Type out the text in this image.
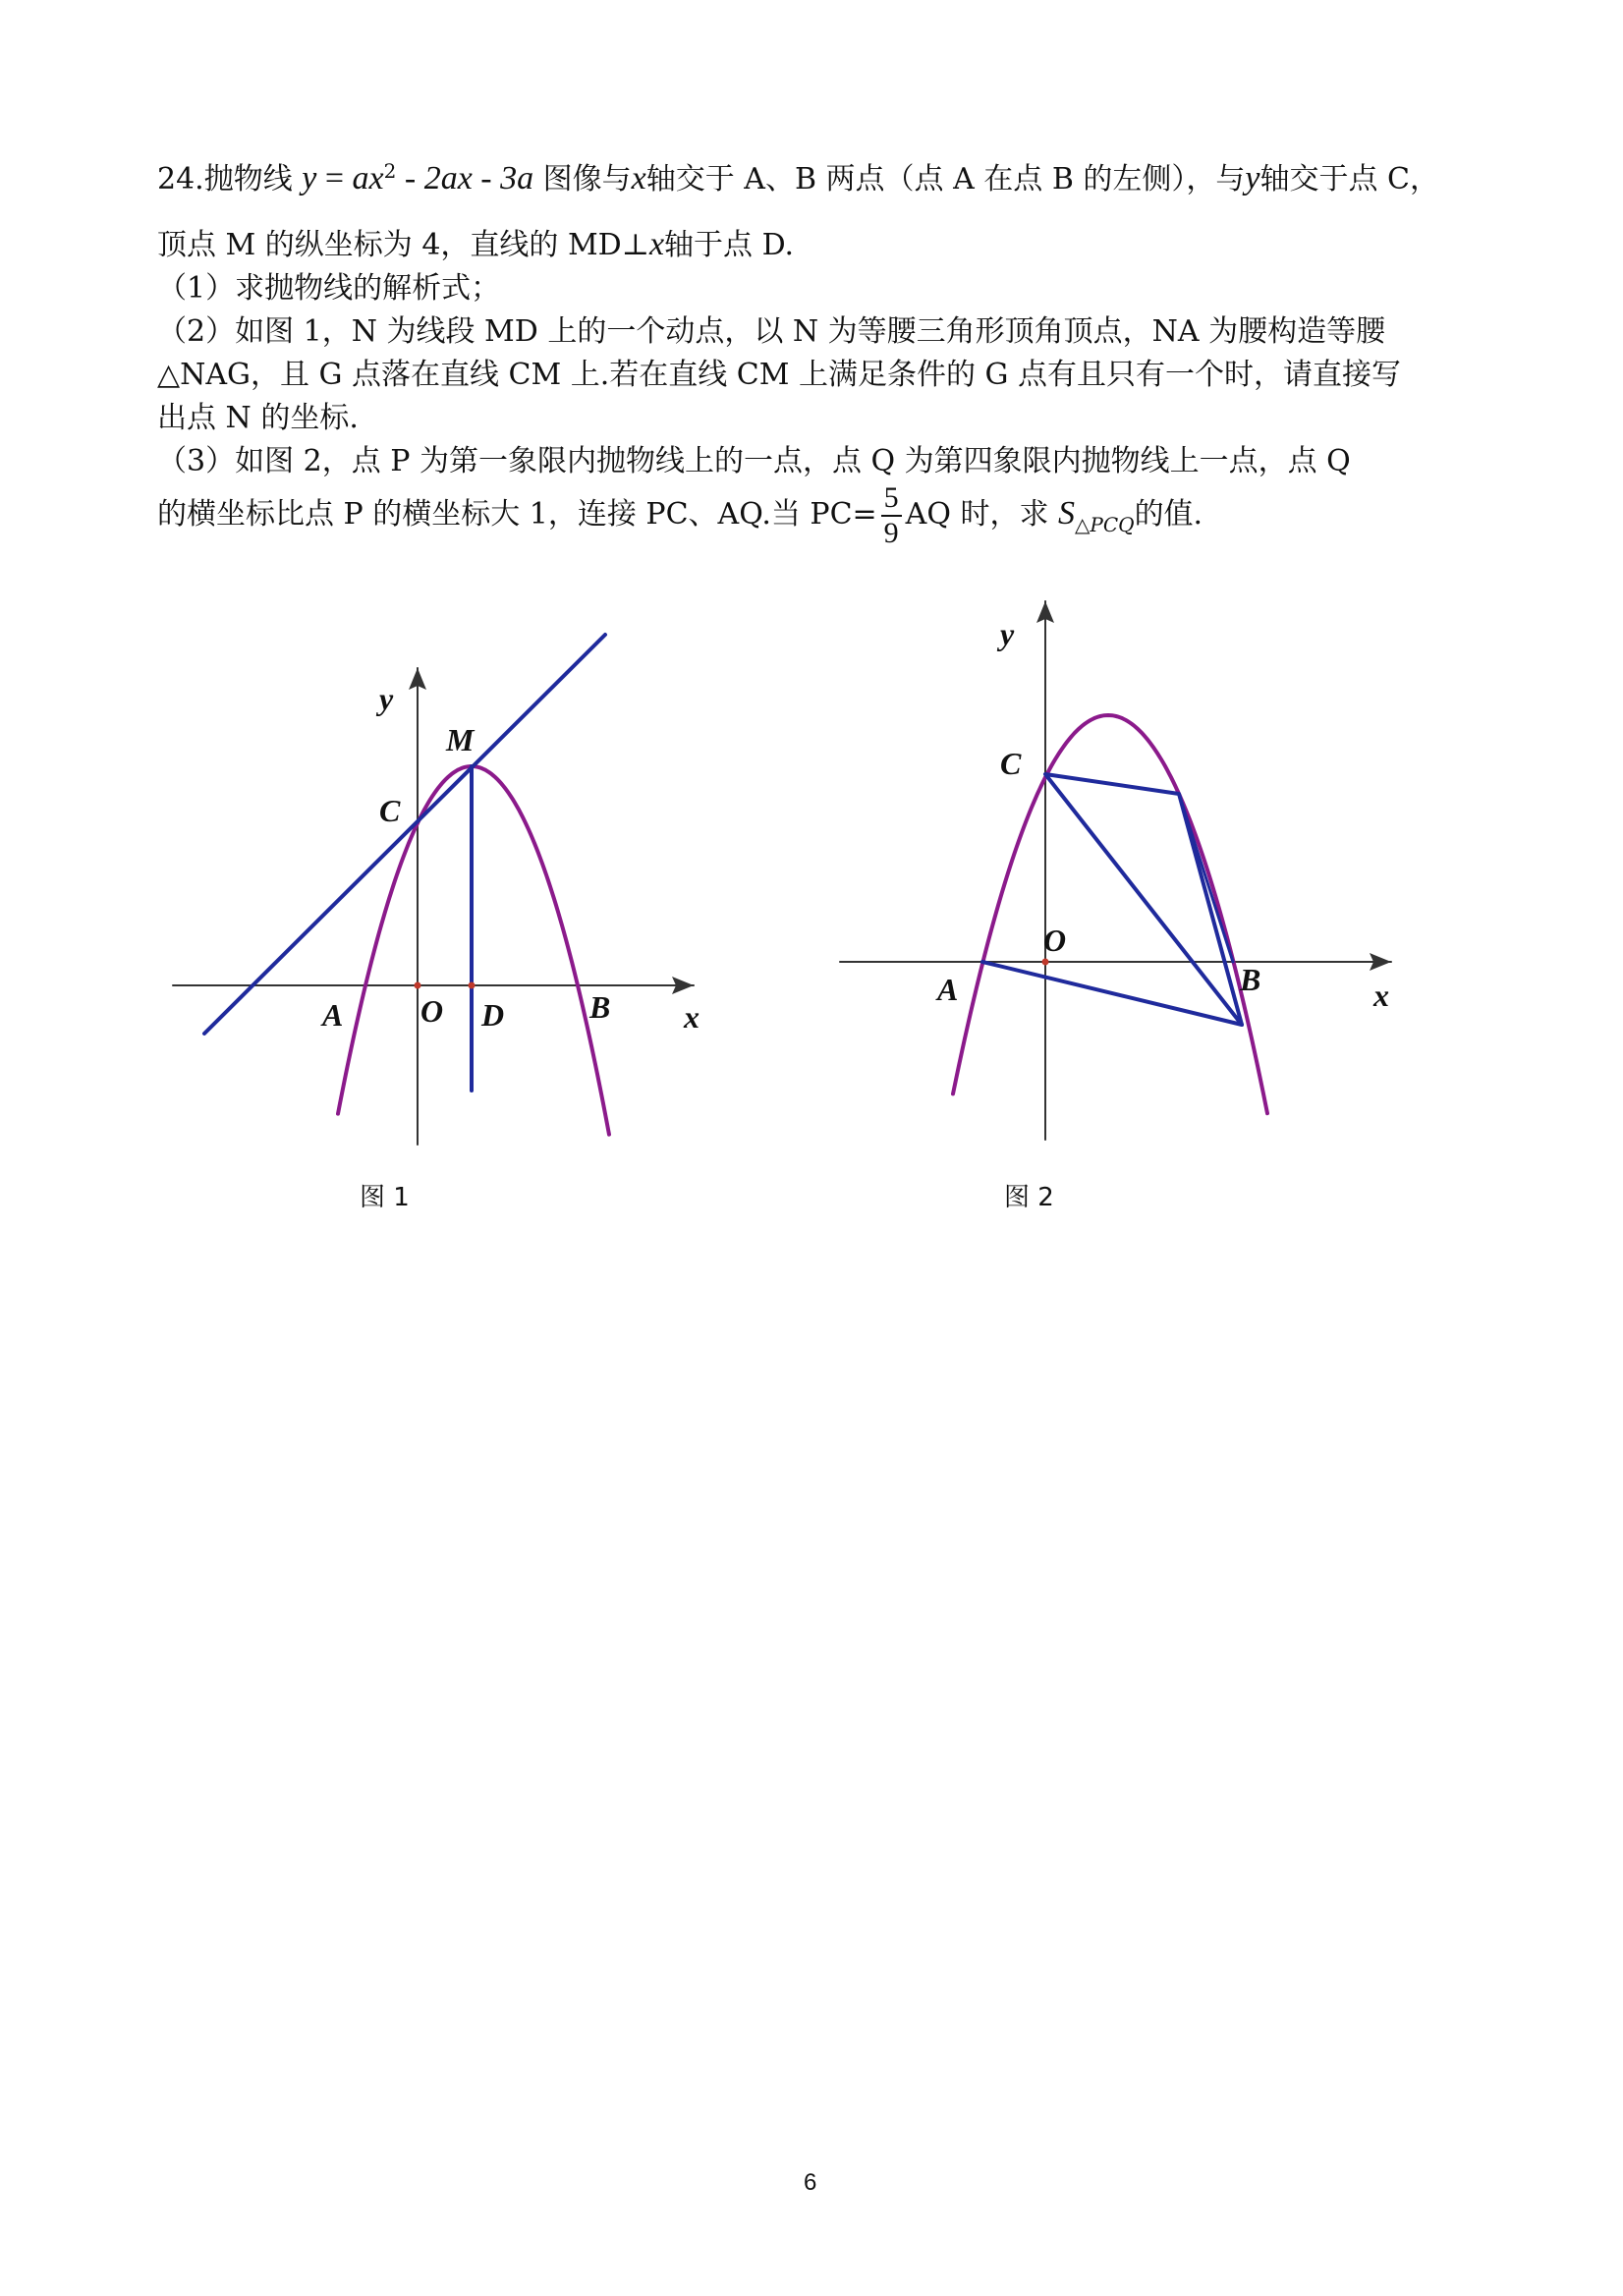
24.抛物线 $y = ax^2 - 2ax - 3a$ 图像与x轴交于 A、B 两点（点 A 在点 B 的左侧），与y轴交于点 C，
顶点 M 的纵坐标为 4，直线的 MD⊥x轴于点 D.
（1）求抛物线的解析式；
（2）如图 1，N 为线段 MD 上的一个动点，以 N 为等腰三角形顶角顶点，NA 为腰构造等腰
△NAG，且 G 点落在直线 CM 上.若在直线 CM 上满足条件的 G 点有且只有一个时，请直接写
出点 N 的坐标.
（3）如图 2，点 P 为第一象限内抛物线上的一点，点 Q 为第四象限内抛物线上一点，点 Q
的横坐标比点 P 的横坐标大 1，连接 PC、AQ.当 $PC= \frac{5}{9}$ AQ 时，求 $S_{\triangle PCQ}$的值.
y
x
M
C
A O D	B
y
x
C
O
A	B
图 1	图 2
6
